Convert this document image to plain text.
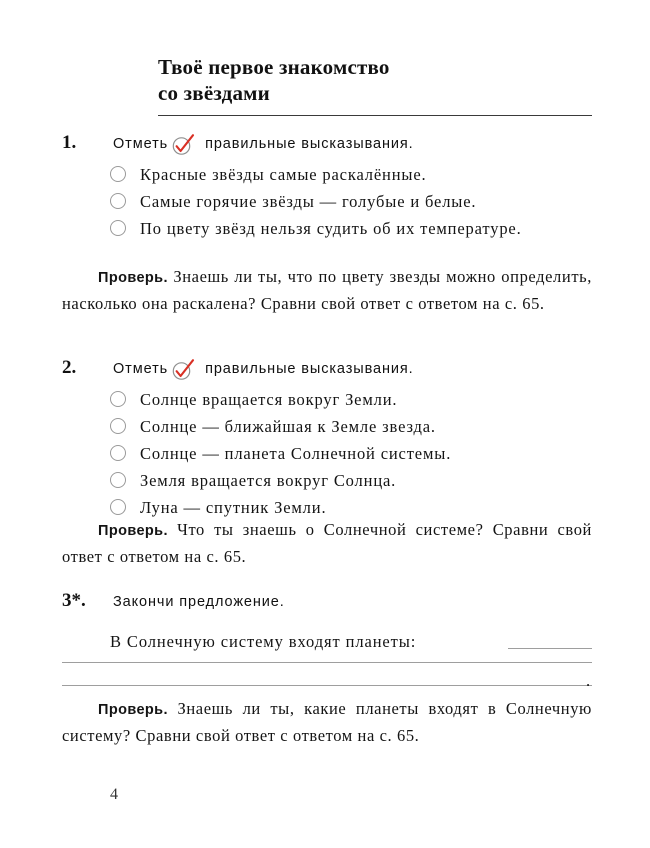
Твоё первое знакомство
со звёздами
1.	Отметь	правильные высказывания.
Красные звёзды самые раскалённые.
Самые горячие звёзды — голубые и белые.
По цвету звёзд нельзя судить об их температуре.
Проверь. Знаешь ли ты, что по цвету звезды можно определить, насколько она раскалена? Сравни свой ответ с ответом на с. 65.
2.	Отметь	правильные высказывания.
Солнце вращается вокруг Земли.
Солнце — ближайшая к Земле звезда.
Солнце — планета Солнечной системы.
Земля вращается вокруг Солнца.
Луна — спутник Земли.
Проверь. Что ты знаешь о Солнечной системе? Сравни свой ответ с ответом на с. 65.
3*. Закончи предложение.
В Солнечную систему входят планеты:
.
Проверь. Знаешь ли ты, какие планеты входят в Солнечную систему? Сравни свой ответ с ответом на с. 65.
4
